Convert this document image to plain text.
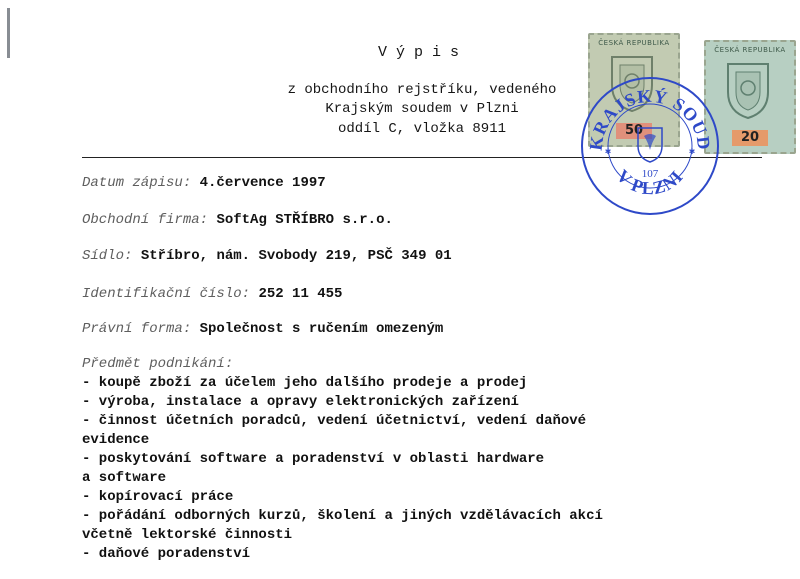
Výpis
z obchodního rejstříku, vedeného
Krajským soudem v Plzni
oddíl C, vložka 8911
ČESKÁ REPUBLIKA
50
ČESKÁ REPUBLIKA
20
KRAJSKÝ SOUD
V PLZNI
107
✱	✱
Datum zápisu: 4.července 1997
Obchodní firma: SoftAg STŘÍBRO s.r.o.
Sídlo: Stříbro, nám. Svobody 219, PSČ 349 01
Identifikační číslo: 252 11 455
Právní forma: Společnost s ručením omezeným
Předmět podnikání:
- koupě zboží za účelem jeho dalšího prodeje a prodej
- výroba, instalace a opravy elektronických zařízení
- činnost účetních poradců, vedení účetnictví, vedení daňové
evidence
- poskytování software a poradenství v oblasti hardware
a software
- kopírovací práce
- pořádání odborných kurzů, školení a jiných vzdělávacích akcí
včetně lektorské činnosti
- daňové poradenství
